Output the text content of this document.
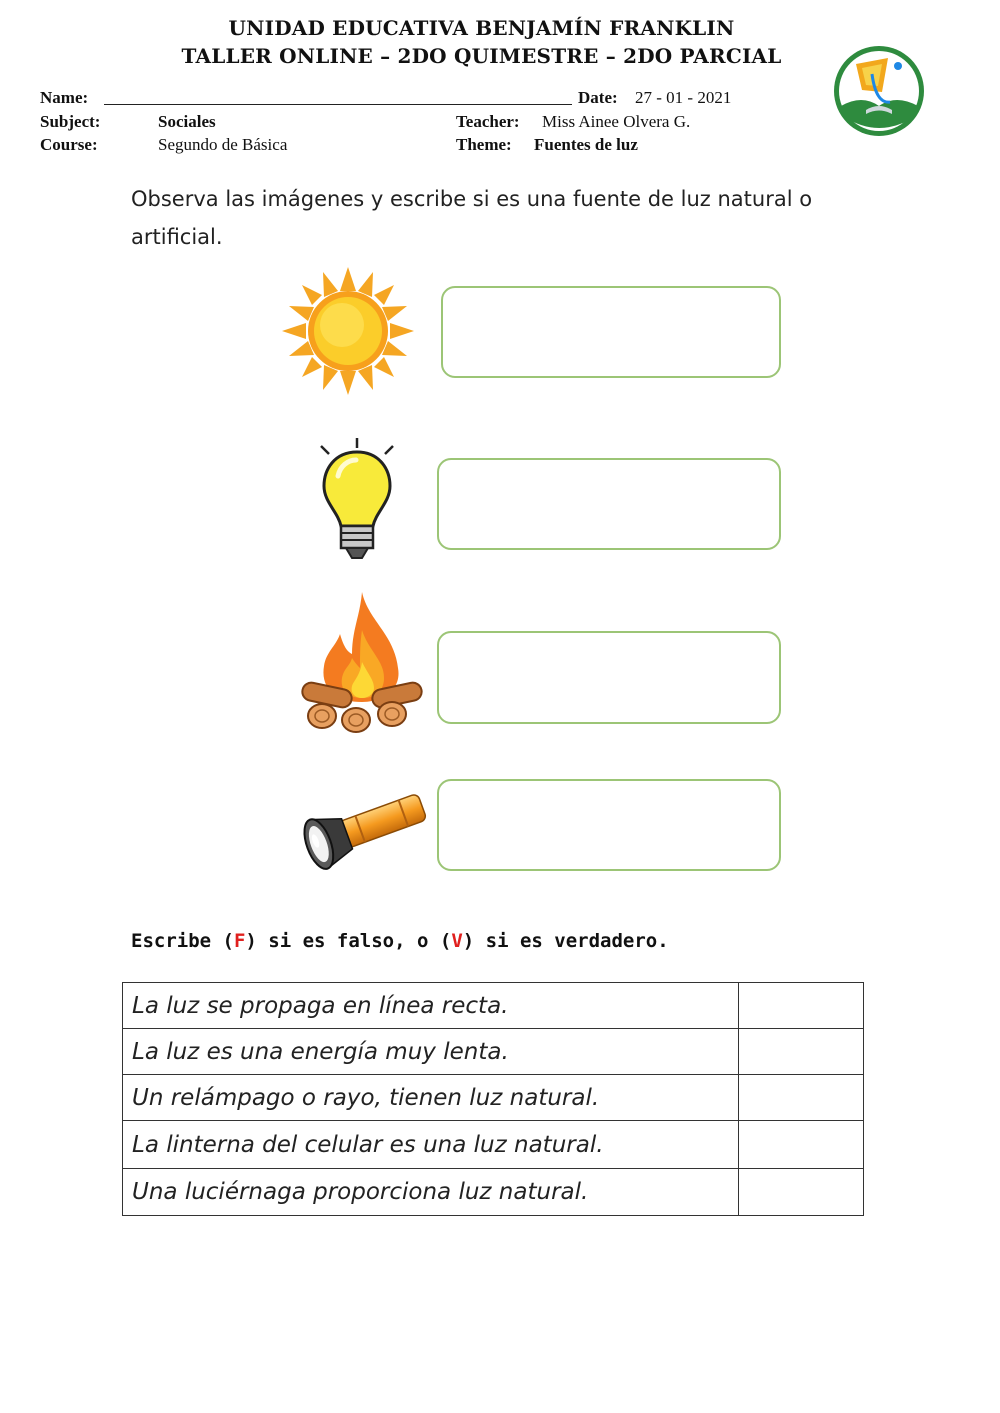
UNIDAD EDUCATIVA BENJAMÍN FRANKLIN
TALLER ONLINE – 2DO QUIMESTRE – 2DO PARCIAL
Name:	Date: 27 - 01 - 2021
Subject:	Sociales	Teacher: Miss Ainee Olvera G.
Course:	Segundo de Básica	Theme: Fuentes de luz
Observa las imágenes y escribe si es una fuente de luz natural o artificial.
Escribe (F) si es falso, o (V) si es verdadero.
La luz se propaga en línea recta.	
La luz es una energía muy lenta.	
Un relámpago o rayo, tienen luz natural.	
La linterna del celular es una luz natural.	
Una luciérnaga proporciona luz natural.	
